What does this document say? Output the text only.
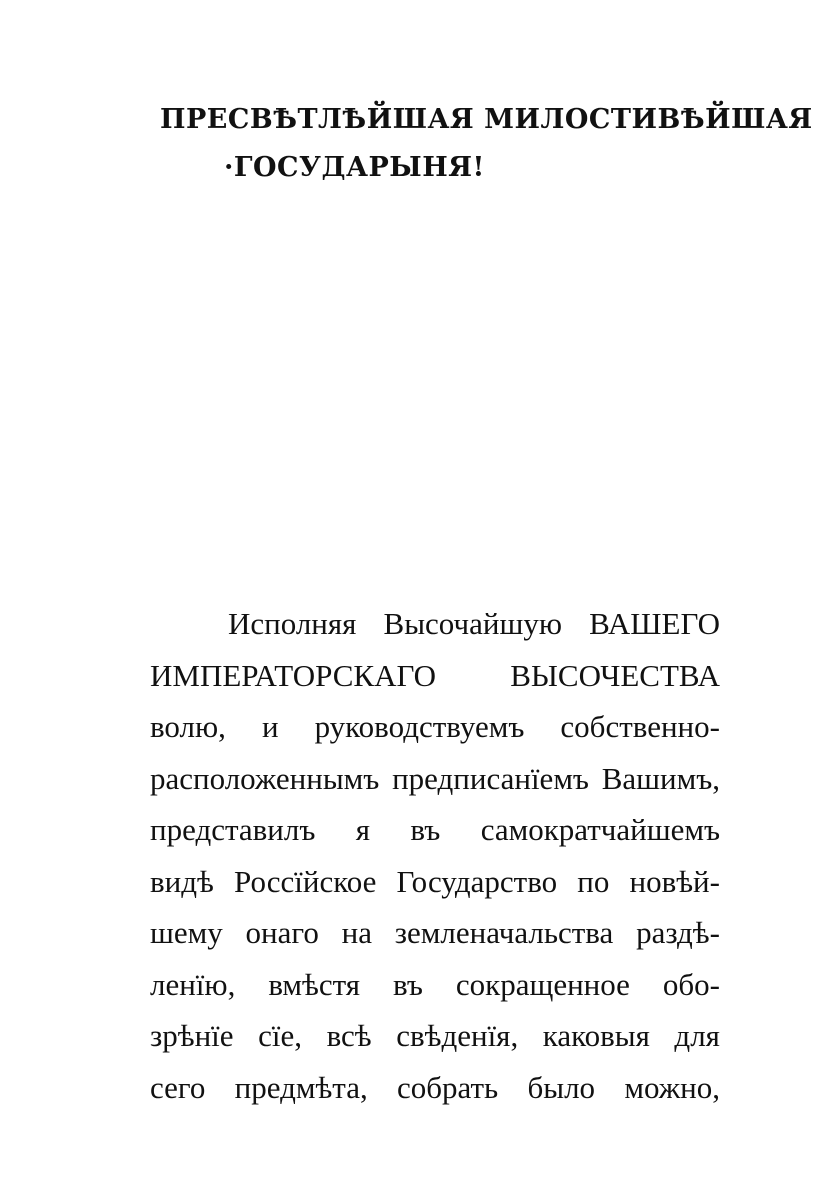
ПРЕСВѢТЛѢЙШАЯ МИЛОСТИВѢЙШАЯ
·ГОСУДАРЫНЯ!
Исполняя Высочайшую ВАШЕГО
ИМПЕРАТОРСКАГО ВЫСОЧЕСТВА
волю, и руководствуемъ собственно-
расположеннымъ предписанïемъ Вашимъ,
представилъ я въ самократчайшемъ
видѣ Россïйское Государство по новѣй-
шему онаго на земленачальства раздѣ-
ленïю, вмѣстя въ сокращенное обо-
зрѣнïе сïе, всѣ свѣденïя, каковыя для
сего предмѣта, собрать было можно,
